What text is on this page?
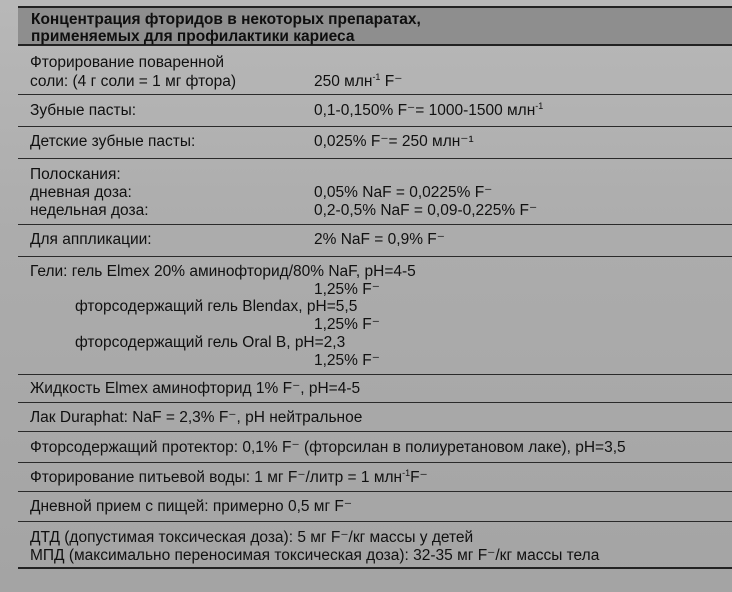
Концентрация фторидов в некоторых препаратах,
применяемых для профилактики кариеса
Фторирование поваренной
соли: (4 г соли = 1 мг фтора)	250 млн$^{-1}$ F⁻
Зубные пасты:	0,1-0,150% F⁻= 1000-1500 млн$^{-1}$
Детские зубные пасты:	0,025% F⁻= 250 млн⁻¹
Полоскания:
дневная доза:	0,05% NaF = 0,0225% F⁻
недельная доза:	0,2-0,5% NaF = 0,09-0,225% F⁻
Для аппликации:	2% NaF = 0,9% F⁻
Гели: гель Elmex 20% аминофторид/80% NaF, pH=4-5
1,25% F⁻
фторсодержащий гель Blendax, pH=5,5
1,25% F⁻
фторсодержащий гель Oral B, pH=2,3
1,25% F⁻
Жидкость Elmex аминофторид 1% F⁻, pH=4-5
Лак Duraphat: NaF = 2,3% F⁻, pH нейтральное
Фторсодержащий протектор: 0,1% F⁻ (фторсилан в полиуретановом лаке), pH=3,5
Фторирование питьевой воды: 1 мг F⁻/литр = 1 млн$^{-1}$F⁻
Дневной прием с пищей: примерно 0,5 мг F⁻
ДТД (допустимая токсическая доза): 5 мг F⁻/кг массы у детей
МПД (максимально переносимая токсическая доза): 32-35 мг F⁻/кг массы тела
